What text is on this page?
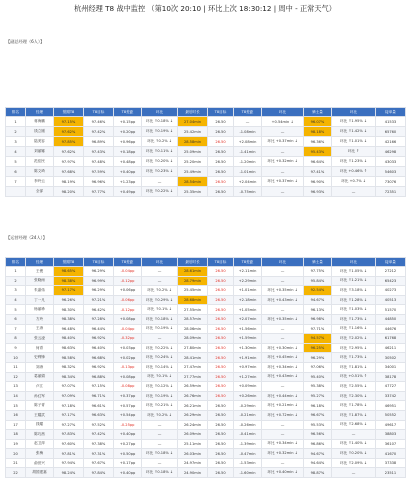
杭州经理 T8 战中监控 （第10次 20:10 | 环比上次 18:30:12 | 周中 - 正常天气）
【副总经理（6人）】
【运营经理（24人）】
排名	经理	预期T8	T8目标	T8差距	环比	最后时长	T8目标	T8差距	环比	骑士量	环比	接单量
1	蒋海鹏	97.15%	97.46%	+0.15pp	环比 ↑0.18% ↓	27.04min	26.50	—	+0.54min ↓	96.07%	环比 ↑1.95% ↓	41533
2	钱立刚	97.62%	97.42%	+0.20pp	环比 ↑0.19% ↓	25.42min	26.50	-1.08min	—	98.18%	环比 ↑1.42% ↓	65760
3	陆美容	97.85%	96.89%	+0.96pp	环比 ↑0.2% ↓	28.58min	26.50	+2.08min	环比 +0.37min ↓	96.36%	环比 ↑1.01% ↓	42166
4	刘丽娜	97.62%	97.43%	+0.18pp	环比 ↑0.11% ↓	25.09min	26.50	-1.41min	—	95.43%	环比 ↑	46298
5	范佳民	97.97%	97.48%	+0.48pp	环比 ↑0.20% ↓	25.20min	26.50	-1.20min	环比 +0.32min ↓	96.64%	环比 ↑1.23% ↓	43033
6	陈文琦	97.68%	97.59%	+0.40pp	环比 ↑0.23% ↓	25.49min	26.50	-1.01min	—	97.41%	环比 +0.46% ↑	54603
7	李玲云	98.19%	96.96%	+1.23pp	—	28.54min	26.50	+2.04min	环比 +0.37min ↓	96.90%	环比 +0.7% ↓	73076
	全部	98.20%	97.77%	+0.49pp	环比 ↑0.22% ↓	25.35min	26.50	-0.75min	—	96.93%	—	72351
排名	经理	预期T8	T8目标	T8差距	环比	最后时长	T8目标	T8差距	环比	骑士量	环比	接单量
1	王俊	98.65%	96.29%	-0.04pp	—	28.61min	26.50	+2.11min	—	97.75%	环比 ↑1.05% ↓	27212
2	张晓雨	98.38%	96.99%	-0.12pp	—	28.79min	26.50	+2.29min	—	95.84%	环比 ↑1.21% ↓	65423
3	朱嘉伟	97.17%	96.29%	+0.06pp	环比 ↑0.2% ↓	25.45min	26.50	+1.01min	环比 +0.35min ↓	92.54%	环比 ↑3.18% ↓	40273
4	丁一凡	96.26%	97.21%	-0.06pp	环比 ↑0.29% ↓	28.68min	26.50	+2.18min	环比 +0.43min ↓	94.67%	环比 ↑1.28% ↓	40513
5	杨丽珍	98.30%	96.42%	-0.12pp	环比 ↑0.1% ↓	27.55min	26.50	+1.05min	—	96.13%	环比 ↑1.03% ↓	51570
6	方玲	98.38%	97.28%	+0.08pp	环比 ↑0.18% ↓	28.57min	26.50	+2.07min	环比 +0.35min ↓	96.98%	环比 ↑1.73% ↓	44850
7	王涛	96.48%	96.44%	-0.04pp	环比 ↑0.19% ↓	28.06min	26.50	+1.56min	—	97.71%	环比 ↑1.16% ↓	44676
8	张云凌	98.40%	96.92%	-0.32pp	—	28.09min	26.50	+1.59min	—	94.57%	环比 ↑2.02% ↓	61768
9	何青	98.63%	96.40%	+0.03pp	环比 ↑0.22% ↓	27.80min	26.50	+1.30min	环比 +0.30min ↓	96.25%	环比 ↑2.95% ↓	46211
10	史利锋	98.58%	96.68%	+0.02pp	环比 ↑0.24% ↓	28.41min	26.50	+1.91min	环比 +0.45min ↓	96.29%	环比 ↑1.73% ↓	30502
11	刘涛	98.32%	96.92%	-0.13pp	环比 ↑0.14% ↓	27.47min	26.50	+0.97min	环比 +0.34min ↓	97.06%	环比 ↑1.81% ↓	34001
12	葛丽娟	98.34%	96.88%	+0.08pp	环比 ↑0.1% ↓	27.77min	26.50	+1.27min	环比 +0.43min ↓	95.40%	环比 +0.51% ↑	38178
13	卢江	97.07%	97.15%	-0.08pp	环比 ↑0.12% ↓	26.59min	26.50	+0.09min	—	95.38%	环比 ↑2.55% ↓	47727
14	孙红军	97.09%	96.71%	+0.37pp	环比 ↑0.19% ↓	26.76min	26.50	+0.26min	环比 +0.44min ↓	95.27%	环比 ↑2.30% ↓	33742
15	陈子青	97.18%	96.61%	+0.57pp	环比 ↑0.21% ↓	26.21min	26.50	-0.29min	环比 +0.21min ↓	96.18%	环比 ↑1.78% ↓	46951
16	王耀武	97.17%	96.63%	+0.54pp	环比 ↑0.2% ↓	26.29min	26.50	-0.21min	环比 +0.72min ↓	96.67%	环比 ↑1.87% ↓	50552
17	钱耀	97.27%	97.52%	-0.25pp	—	26.24min	26.50	-0.26min	—	95.53%	环比 ↑2.68% ↓	49617
18	陈巧茜	97.83%	97.42%	+0.40pp	—	26.09min	26.50	-0.41min	—	96.56%	—	38803
19	赵卫萍	97.60%	97.38%	+0.27pp	—	25.11min	26.50	-1.39min	环比 +0.34min ↓	96.86%	环比 ↑1.40% ↓	36107
20	张梅	97.81%	97.31%	+0.50pp	环比 ↑0.18% ↓	26.03min	26.50	-0.47min	环比 +0.32min ↓	94.67%	环比 ↑0.20% ↓	41670
21	俞世兴	97.94%	97.67%	+0.17pp	—	24.97min	26.50	-1.53min	—	94.64%	环比 ↑2.09% ↓	37338
22	胡国建嘉	98.24%	97.84%	+0.40pp	环比 ↑0.18% ↓	24.90min	26.50	-1.60min	环比 +0.40min ↓	98.87%	—	23511
